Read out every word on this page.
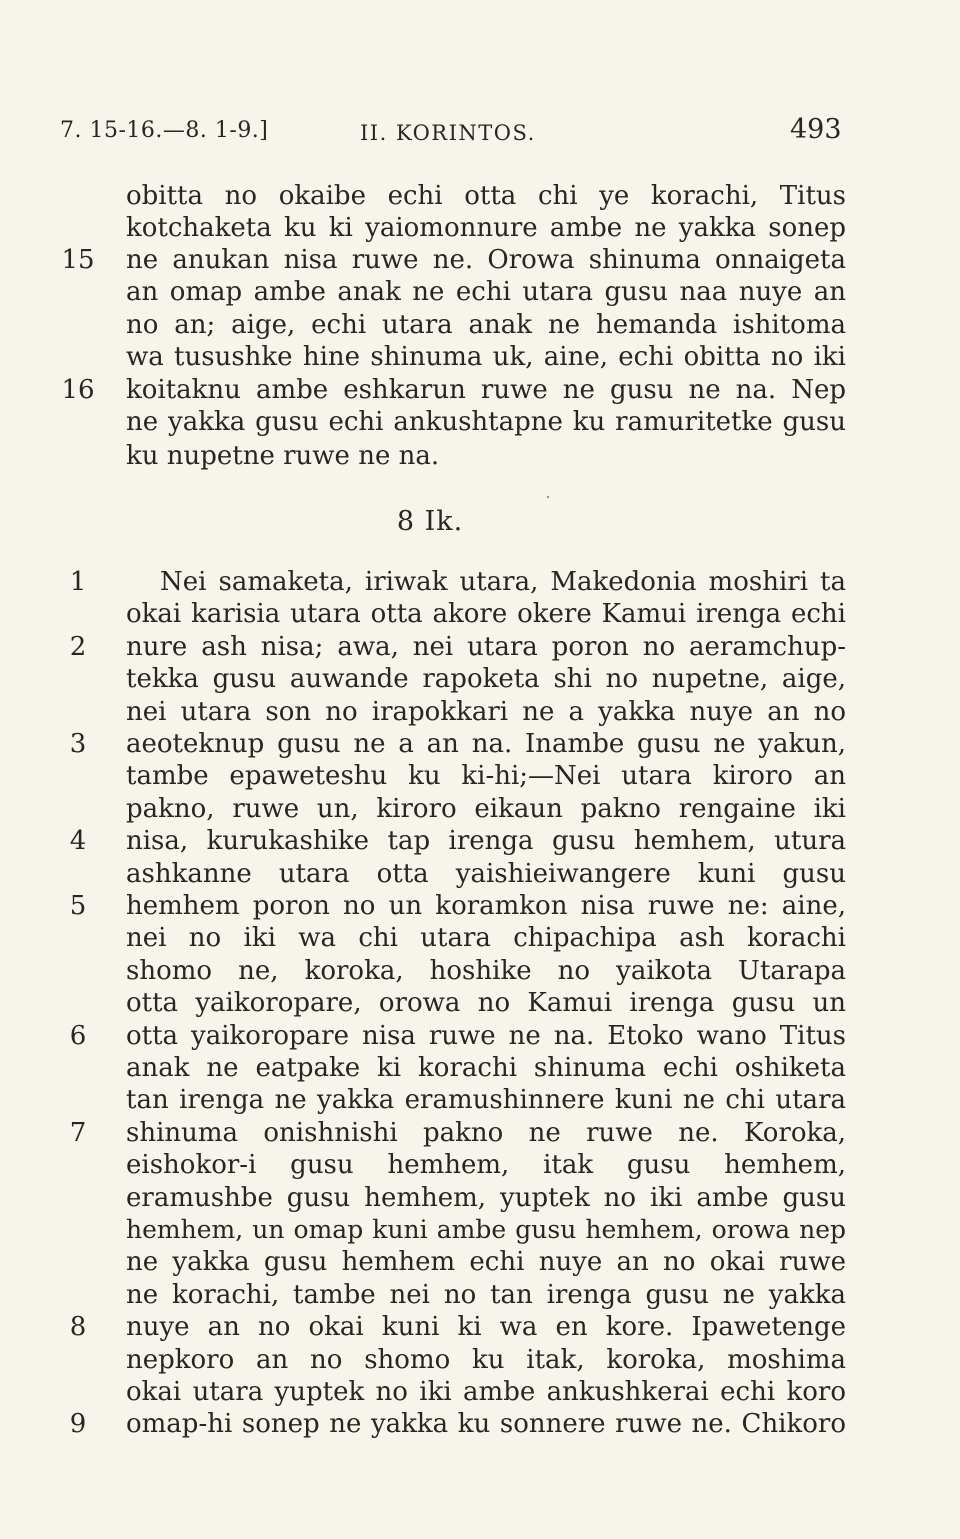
7. 15-16.—8. 1-9.]	II. KORINTOS.	493
obitta no okaibe echi otta chi ye korachi, Titus
kotchaketa ku ki yaiomonnure ambe ne yakka sonep
15 ne anukan nisa ruwe ne. Orowa shinuma onnaigeta
an omap ambe anak ne echi utara gusu naa nuye an
no an; aige, echi utara anak ne hemanda ishitoma
wa tusushke hine shinuma uk, aine, echi obitta no iki
16 koitaknu ambe eshkarun ruwe ne gusu ne na. Nep
ne yakka gusu echi ankushtapne ku ramuritetke gusu
ku nupetne ruwe ne na.
8 Ik.
1	Nei samaketa, iriwak utara, Makedonia moshiri ta
okai karisia utara otta akore okere Kamui irenga echi
2	nure ash nisa; awa, nei utara poron no aeramchup-
tekka gusu auwande rapoketa shi no nupetne, aige,
nei utara son no irapokkari ne a yakka nuye an no
3	aeoteknup gusu ne a an na. Inambe gusu ne yakun,
tambe epaweteshu ku ki-hi;—Nei utara kiroro an
pakno, ruwe un, kiroro eikaun pakno rengaine iki
4	nisa, kurukashike tap irenga gusu hemhem, utura
ashkanne utara otta yaishieiwangere kuni gusu
5	hemhem poron no un koramkon nisa ruwe ne: aine,
nei no iki wa chi utara chipachipa ash korachi
shomo ne, koroka, hoshike no yaikota Utarapa
otta yaikoropare, orowa no Kamui irenga gusu un
6	otta yaikoropare nisa ruwe ne na. Etoko wano Titus
anak ne eatpake ki korachi shinuma echi oshiketa
tan irenga ne yakka eramushinnere kuni ne chi utara
7	shinuma onishnishi pakno ne ruwe ne. Koroka,
eishokor-i gusu hemhem, itak gusu hemhem,
eramushbe gusu hemhem, yuptek no iki ambe gusu
hemhem, un omap kuni ambe gusu hemhem, orowa nep
ne yakka gusu hemhem echi nuye an no okai ruwe
ne korachi, tambe nei no tan irenga gusu ne yakka
8	nuye an no okai kuni ki wa en kore. Ipawetenge
nepkoro an no shomo ku itak, koroka, moshima
okai utara yuptek no iki ambe ankushkerai echi koro
9	omap-hi sonep ne yakka ku sonnere ruwe ne. Chikoro
